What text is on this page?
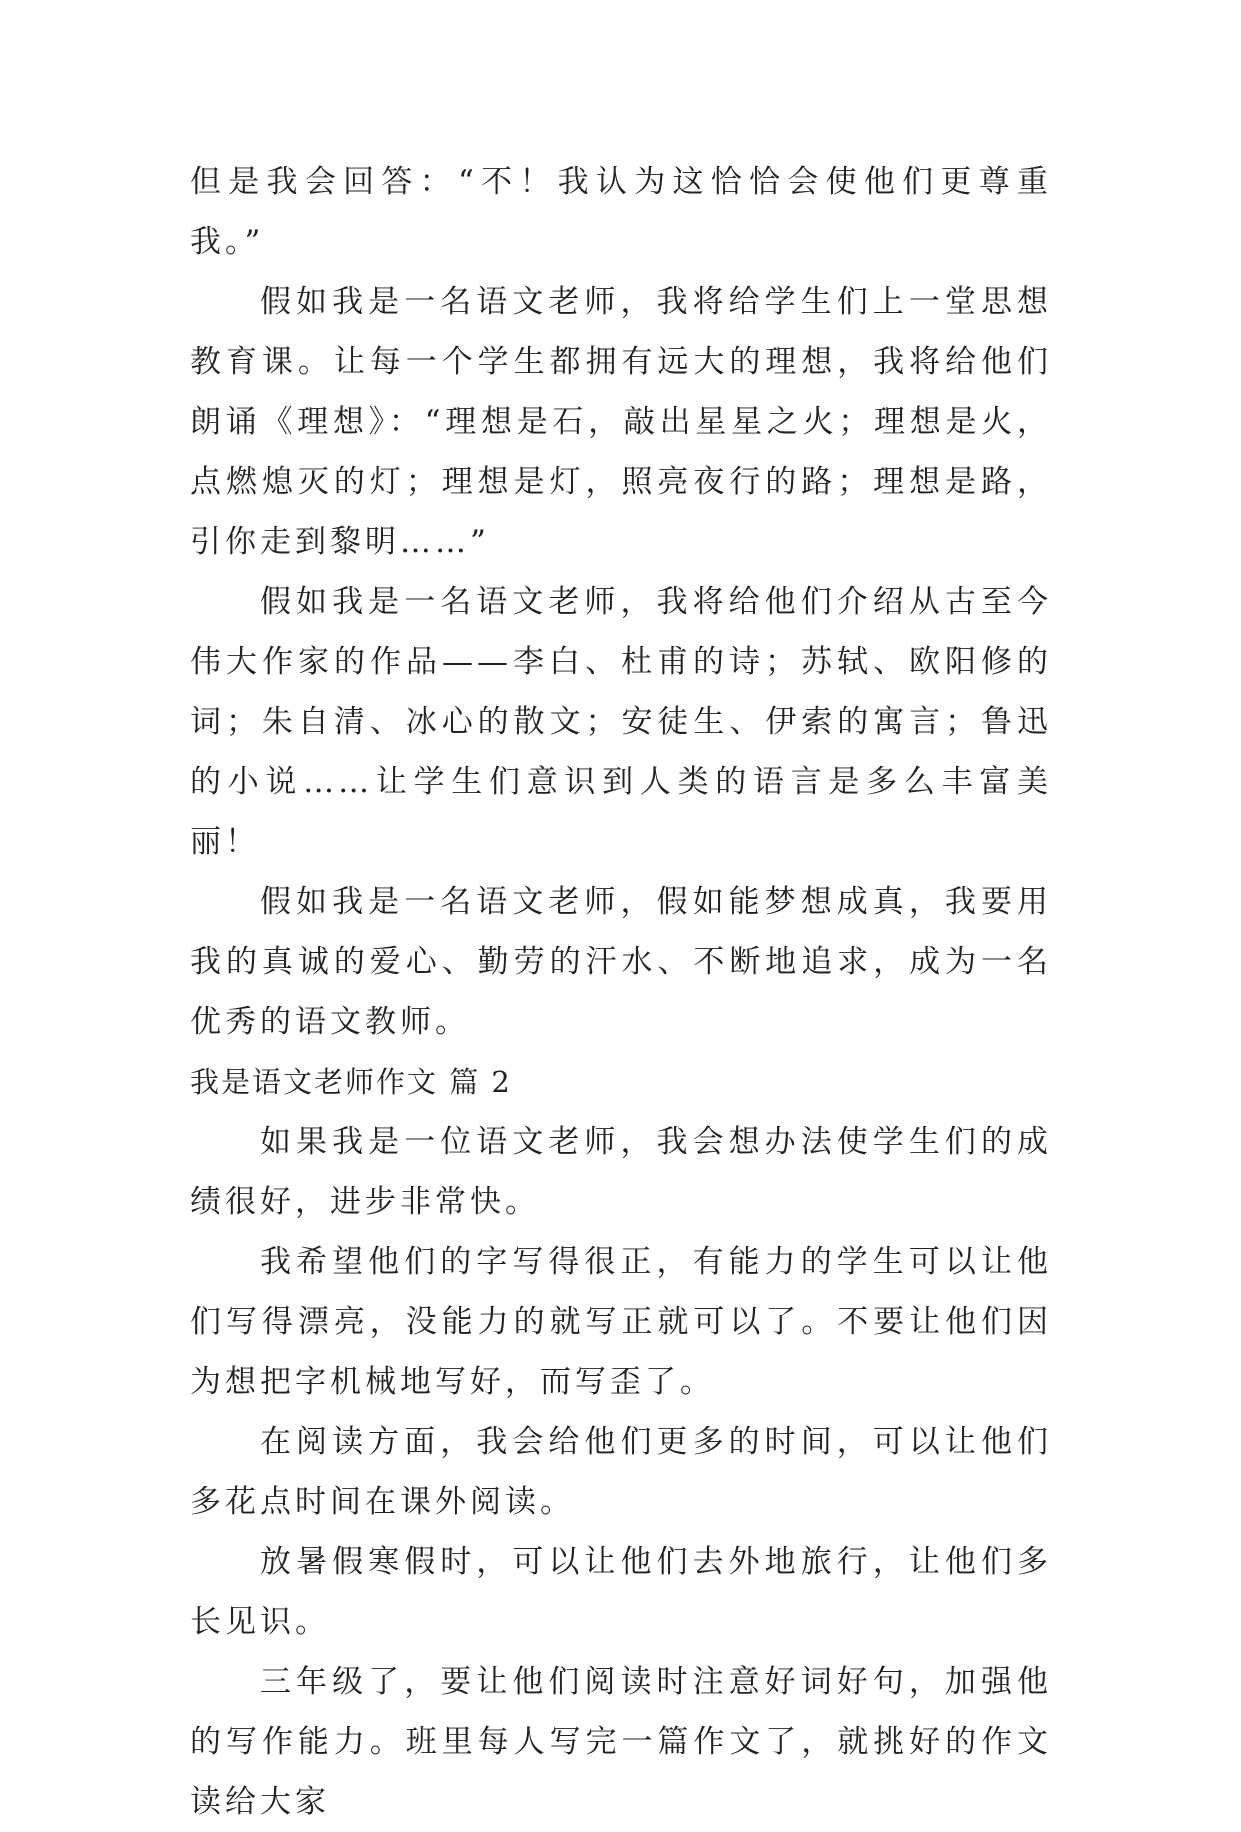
但是我会回答：“不！我认为这恰恰会使他们更尊重我。”

假如我是一名语文老师，我将给学生们上一堂思想教育课。让每一个学生都拥有远大的理想，我将给他们朗诵《理想》：“理想是石，敲出星星之火；理想是火，点燃熄灭的灯；理想是灯，照亮夜行的路；理想是路，引你走到黎明……”

假如我是一名语文老师，我将给他们介绍从古至今伟大作家的作品——李白、杜甫的诗；苏轼、欧阳修的词；朱自清、冰心的散文；安徒生、伊索的寓言；鲁迅的小说……让学生们意识到人类的语言是多么丰富美丽！

假如我是一名语文老师，假如能梦想成真，我要用我的真诚的爱心、勤劳的汗水、不断地追求，成为一名优秀的语文教师。

我是语文老师作文 篇 2

如果我是一位语文老师，我会想办法使学生们的成绩很好，进步非常快。

我希望他们的字写得很正，有能力的学生可以让他们写得漂亮，没能力的就写正就可以了。不要让他们因为想把字机械地写好，而写歪了。

在阅读方面，我会给他们更多的时间，可以让他们多花点时间在课外阅读。

放暑假寒假时，可以让他们去外地旅行，让他们多长见识。

三年级了，要让他们阅读时注意好词好句，加强他的写作能力。班里每人写完一篇作文了，就挑好的作文读给大家
